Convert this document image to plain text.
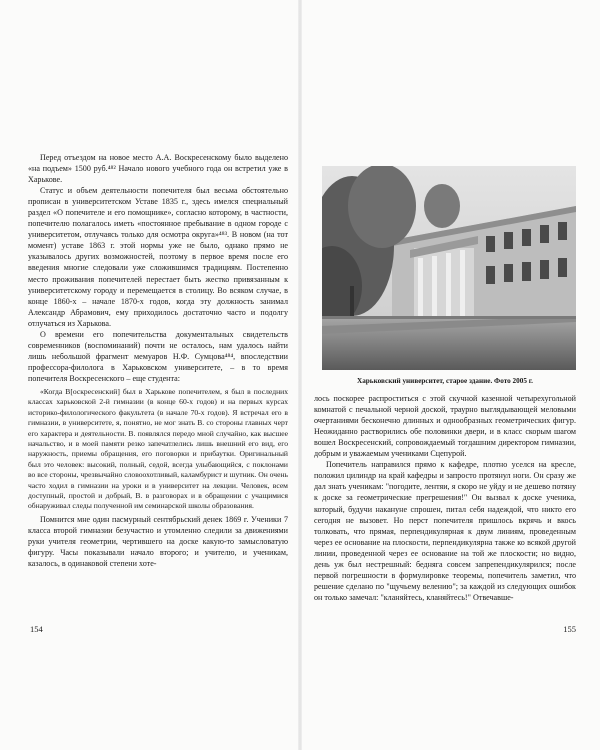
Перед отъездом на новое место А.А. Воскресенскому было выделено «на подъем» 1500 руб.⁴⁸² Начало нового учебного года он встретил уже в Харькове.

Статус и объем деятельности попечителя был весьма обстоятельно прописан в университетском Уставе 1835 г., здесь имелся специальный раздел «О попечителе и его помощнике», согласно которому, в частности, попечителю полагалось иметь «постоянное пребывание в одном городе с университетом, отлучаясь только для осмотра округа»⁴⁸³. В новом (на тот момент) уставе 1863 г. этой нормы уже не было, однако прямо не указывалось других возможностей, поэтому в первое время после его введения многие следовали уже сложившимся традициям. Постепенно место проживания попечителей перестает быть жестко привязанным к университетскому городу и перемещается в столицу. Во всяком случае, в конце 1860-х – начале 1870-х годов, когда эту должность занимал Александр Абрамович, ему приходилось достаточно часто и подолгу отлучаться из Харькова.

О времени его попечительства документальных свидетельств современников (воспоминаний) почти не осталось, нам удалось найти лишь небольшой фрагмент мемуаров Н.Ф. Сумцова⁴⁸⁴, впоследствии профессора-филолога в Харьковском университете, – в то время попечителя Воскресенского – еще студента:

«Когда В[оскресенский] был в Харькове попечителем, я был в последних классах харьковской 2-й гимназии (в конце 60-х годов) и на первых курсах историко-филологического факультета (в начале 70-х годов). Я встречал его в гимназии, в университете, я, понятно, не мог знать В. со стороны главных черт его характера и деятельности. В. появлялся передо мной случайно, как высшее начальство, и в моей памяти резко запечатлелись лишь внешний его вид, его наружность, приемы обращения, его поговорки и прибаутки. Оригинальный был это человек: высокий, полный, седой, всегда улыбающийся, с поклонами во все стороны, чрезвычайно словоохотливый, каламбурист и шутник. Он очень часто ходил в гимназии на уроки и в университет на лекции. Человек, всем доступный, простой и добрый, В. в разговорах и в обращении с учащимися обнаруживал следы полученной им семинарской школы образования.

Помнится мне один пасмурный сентябрьский денек 1869 г. Ученики 7 класса второй гимназии безучастно и утомленно следили за движениями руки учителя геометрии, чертившего на доске какую-то замысловатую фигуру. Часы показывали начало второго; и учителю, и ученикам, казалось, в одинаковой степени хоте-

154

Харьковский университет, старое здание. Фото 2005 г.

лось поскорее распроститься с этой скучной казенной четырехугольной комнатой с печальной черной доской, траурно выглядывающей меловыми очертаниями бесконечно длинных и однообразных геометрических фигур. Неожиданно растворились обе половинки двери, и в класс скорым шагом вошел Воскресенский, сопровождаемый тогдашним директором гимназии, добрым и уважаемым учениками Сцепурой.

Попечитель направился прямо к кафедре, плотно уселся на кресле, положил цилиндр на край кафедры и запросто протянул ноги. Он сразу же дал знать ученикам: "погодите, лентяи, я скоро не уйду и не дешево потяну к доске за геометрические прегрешения!" Он вызвал к доске ученика, который, будучи накануне спрошен, питал себя надеждой, что никто его сегодня не вызовет. Но перст попечителя пришлось вкрячь и вкось толковать, что прямая, перпендикулярная к двум линиям, проведенным через ее основание на плоскости, перпендикулярна также ко всякой другой линии, проведенной через ее основание на той же плоскости; но видно, день уж был нестрешный: бедняга совсем запрепендикулярился; после первой погрешности в формулировке теоремы, попечитель заметил, что решение сделано по "щучьему велению"; за каждой из следующих ошибок он только замечал: "кланяйтесь, кланяйтесь!" Отвечавше-

155
